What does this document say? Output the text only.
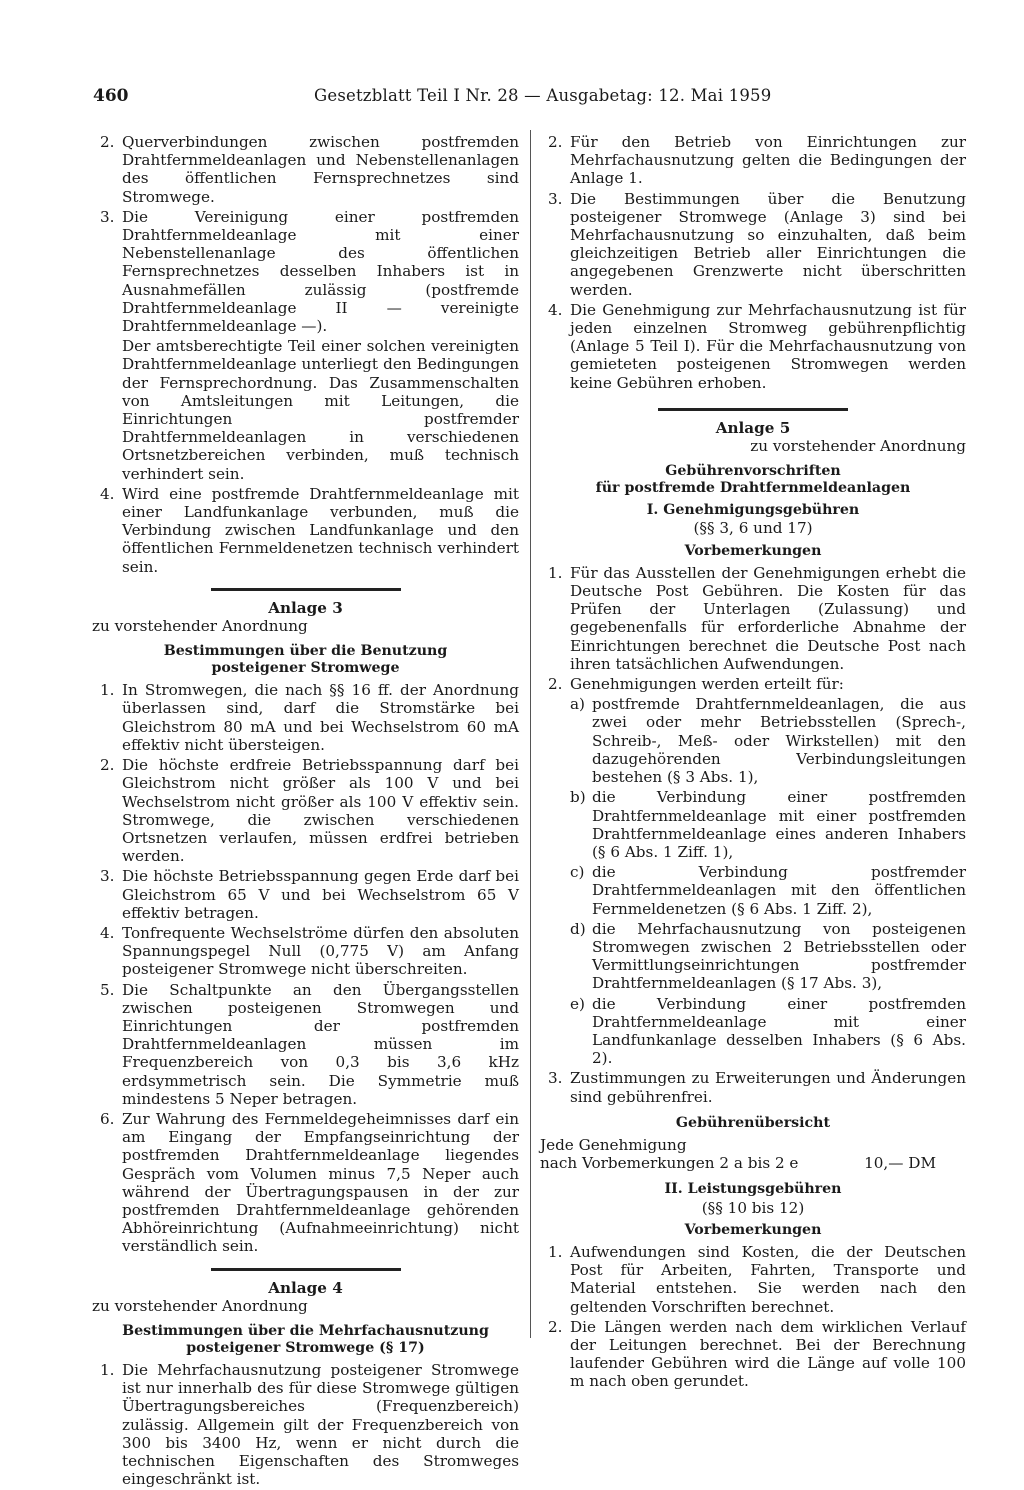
460	Gesetzblatt Teil I Nr. 28 — Ausgabetag: 12. Mai 1959
2. Querverbindungen zwischen postfremden Drahtfernmeldeanlagen und Nebenstellenanlagen des öffentlichen Fernsprechnetzes sind Stromwege.
3. Die Vereinigung einer postfremden Drahtfernmeldeanlage mit einer Nebenstellenanlage des öffentlichen Fernsprechnetzes desselben Inhabers ist in Ausnahmefällen zulässig (postfremde Drahtfernmeldeanlage II — vereinigte Drahtfernmeldeanlage —).
Der amtsberechtigte Teil einer solchen vereinigten Drahtfernmeldeanlage unterliegt den Bedingungen der Fernsprechordnung. Das Zusammenschalten von Amtsleitungen mit Leitungen, die Einrichtungen postfremder Drahtfernmeldeanlagen in verschiedenen Ortsnetzbereichen verbinden, muß technisch verhindert sein.
4. Wird eine postfremde Drahtfernmeldeanlage mit einer Landfunkanlage verbunden, muß die Verbindung zwischen Landfunkanlage und den öffentlichen Fernmeldenetzen technisch verhindert sein.
Anlage 3
zu vorstehender Anordnung
Bestimmungen über die Benutzung
posteigener Stromwege
1. In Stromwegen, die nach §§ 16 ff. der Anordnung überlassen sind, darf die Stromstärke bei Gleichstrom 80 mA und bei Wechselstrom 60 mA effektiv nicht übersteigen.
2. Die höchste erdfreie Betriebsspannung darf bei Gleichstrom nicht größer als 100 V und bei Wechselstrom nicht größer als 100 V effektiv sein. Stromwege, die zwischen verschiedenen Ortsnetzen verlaufen, müssen erdfrei betrieben werden.
3. Die höchste Betriebsspannung gegen Erde darf bei Gleichstrom 65 V und bei Wechselstrom 65 V effektiv betragen.
4. Tonfrequente Wechselströme dürfen den absoluten Spannungspegel Null (0,775 V) am Anfang posteigener Stromwege nicht überschreiten.
5. Die Schaltpunkte an den Übergangsstellen zwischen posteigenen Stromwegen und Einrichtungen der postfremden Drahtfernmeldeanlagen müssen im Frequenzbereich von 0,3 bis 3,6 kHz erdsymmetrisch sein. Die Symmetrie muß mindestens 5 Neper betragen.
6. Zur Wahrung des Fernmeldegeheimnisses darf ein am Eingang der Empfangseinrichtung der postfremden Drahtfernmeldeanlage liegendes Gespräch vom Volumen minus 7,5 Neper auch während der Übertragungspausen in der zur postfremden Drahtfernmeldeanlage gehörenden Abhöreinrichtung (Aufnahmeeinrichtung) nicht verständlich sein.
Anlage 4
zu vorstehender Anordnung
Bestimmungen über die Mehrfachausnutzung
posteigener Stromwege (§ 17)
1. Die Mehrfachausnutzung posteigener Stromwege ist nur innerhalb des für diese Stromwege gültigen Übertragungsbereiches (Frequenzbereich) zulässig. Allgemein gilt der Frequenzbereich von 300 bis 3400 Hz, wenn er nicht durch die technischen Eigenschaften des Stromweges eingeschränkt ist.
2. Für den Betrieb von Einrichtungen zur Mehrfachausnutzung gelten die Bedingungen der Anlage 1.
3. Die Bestimmungen über die Benutzung posteigener Stromwege (Anlage 3) sind bei Mehrfachausnutzung so einzuhalten, daß beim gleichzeitigen Betrieb aller Einrichtungen die angegebenen Grenzwerte nicht überschritten werden.
4. Die Genehmigung zur Mehrfachausnutzung ist für jeden einzelnen Stromweg gebührenpflichtig (Anlage 5 Teil I). Für die Mehrfachausnutzung von gemieteten posteigenen Stromwegen werden keine Gebühren erhoben.
Anlage 5
zu vorstehender Anordnung
Gebührenvorschriften
für postfremde Drahtfernmeldeanlagen
I. Genehmigungsgebühren
(§§ 3, 6 und 17)
Vorbemerkungen
1. Für das Ausstellen der Genehmigungen erhebt die Deutsche Post Gebühren. Die Kosten für das Prüfen der Unterlagen (Zulassung) und gegebenenfalls für erforderliche Abnahme der Einrichtungen berechnet die Deutsche Post nach ihren tatsächlichen Aufwendungen.
2. Genehmigungen werden erteilt für:
a) postfremde Drahtfernmeldeanlagen, die aus zwei oder mehr Betriebsstellen (Sprech-, Schreib-, Meß- oder Wirkstellen) mit den dazugehörenden Verbindungsleitungen bestehen (§ 3 Abs. 1),
b) die Verbindung einer postfremden Drahtfernmeldeanlage mit einer postfremden Drahtfernmeldeanlage eines anderen Inhabers (§ 6 Abs. 1 Ziff. 1),
c) die Verbindung postfremder Drahtfernmeldeanlagen mit den öffentlichen Fernmeldenetzen (§ 6 Abs. 1 Ziff. 2),
d) die Mehrfachausnutzung von posteigenen Stromwegen zwischen 2 Betriebsstellen oder Vermittlungseinrichtungen postfremder Drahtfernmeldeanlagen (§ 17 Abs. 3),
e) die Verbindung einer postfremden Drahtfernmeldeanlage mit einer Landfunkanlage desselben Inhabers (§ 6 Abs. 2).
3. Zustimmungen zu Erweiterungen und Änderungen sind gebührenfrei.
Gebührenübersicht
Jede Genehmigung
nach Vorbemerkungen 2 a bis 2 e	10,— DM
II. Leistungsgebühren
(§§ 10 bis 12)
Vorbemerkungen
1. Aufwendungen sind Kosten, die der Deutschen Post für Arbeiten, Fahrten, Transporte und Material entstehen. Sie werden nach den geltenden Vorschriften berechnet.
2. Die Längen werden nach dem wirklichen Verlauf der Leitungen berechnet. Bei der Berechnung laufender Gebühren wird die Länge auf volle 100 m nach oben gerundet.
